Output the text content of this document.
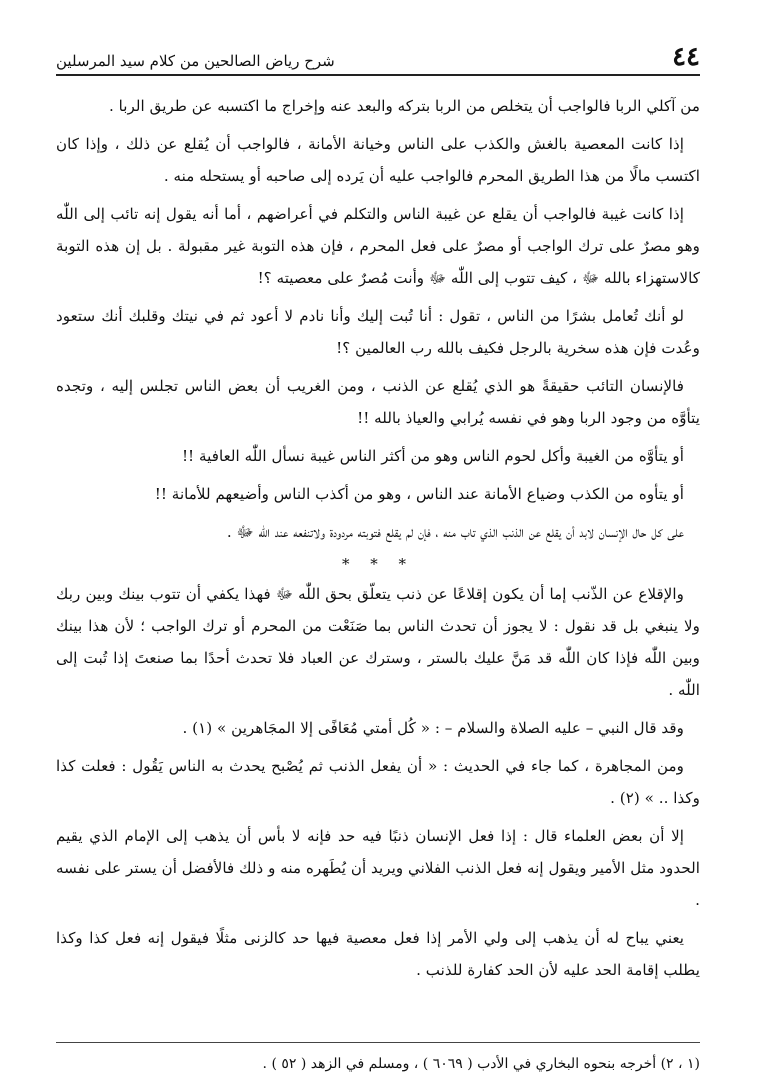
٤٤
شرح رياض الصالحين من كلام سيد المرسلين

من آكلي الربا فالواجب أن يتخلص من الربا بتركه والبعد عنه وإخراج ما اكتسبه عن طريق الربا .

إذا كانت المعصية بالغش والكذب على الناس وخيانة الأمانة ، فالواجب أن يُقلع عن ذلك ، وإذا كان اكتسب مالًا من هذا الطريق المحرم فالواجب عليه أن يَرده إلى صاحبه أو يستحله منه .

إذا كانت غيبة فالواجب أن يقلع عن غيبة الناس والتكلم في أعراضهم ، أما أنه يقول إنه تائب إلى اللّٰه وهو مصرٌ على ترك الواجب أو مصرٌ على فعل المحرم ، فإن هذه التوبة غير مقبولة . بل إن هذه التوبة كالاستهزاء بالله ﷻ ، كيف تتوب إلى اللّٰه ﷻ وأنت مُصرٌ على معصيته ؟!

لو أنك تُعامل بشرًا من الناس ، تقول : أنا تُبت إليك وأنا نادم لا أعود ثم في نيتك وقلبك أنك ستعود وعُدت فإن هذه سخرية بالرجل فكيف بالله رب العالمين ؟!

فالإنسان التائب حقيقةً هو الذي يُقلع عن الذنب ، ومن الغريب أن بعض الناس تجلس إليه ، وتجده يتأوَّه من وجود الربا وهو في نفسه يُرابي والعياذ بالله !!

أو يتأوَّه من الغيبة وأكل لحوم الناس وهو من أكثر الناس غيبة نسأل اللّٰه العافية !!

أو يتأوه من الكذب وضياع الأمانة عند الناس ، وهو من أكذب الناس وأضيعهم للأمانة !!

على كل حال الإنسان لابد أن يقلع عن الذنب الذي تاب منه ، فإن لم يقلع فتوبته مردودة ولاتنفعه عند اللّٰه ﷻ .

* * *

والإقلاع عن الذّنب إما أن يكون إقلاعًا عن ذنب يتعلّق بحق اللّٰه ﷻ فهذا يكفي أن تتوب بينك وبين ربك ولا ينبغي بل قد نقول : لا يجوز أن تحدث الناس بما صَنَعْت من المحرم أو ترك الواجب ؛ لأن هذا بينك وبين اللّٰه فإذا كان اللّٰه قد مَنَّ عليك بالستر ، وسترك عن العباد فلا تحدث أحدًا بما صنعتَ إذا تُبت إلى اللّٰه .

وقد قال النبي – عليه الصلاة والسلام – : « كُل أمتي مُعَافًى إلا المجَاهرين » (١) .

ومن المجاهرة ، كما جاء في الحديث : « أن يفعل الذنب ثم يُصْبح يحدث به الناس يَقُول : فعلت كذا وكذا .. » (٢) .

إلا أن بعض العلماء قال : إذا فعل الإنسان ذنبًا فيه حد فإنه لا بأس أن يذهب إلى الإمام الذي يقيم الحدود مثل الأمير ويقول إنه فعل الذنب الفلاني ويريد أن يُطَهره منه و ذلك فالأفضل أن يستر على نفسه .

يعني يباح له أن يذهب إلى ولي الأمر إذا فعل معصية فيها حد كالزنى مثلًا فيقول إنه فعل كذا وكذا يطلب إقامة الحد عليه لأن الحد كفارة للذنب .

(١ ، ٢) أخرجه بنحوه البخاري في الأدب ( ٦٠٦٩ ) ، ومسلم في الزهد ( ٥٢ ) .
